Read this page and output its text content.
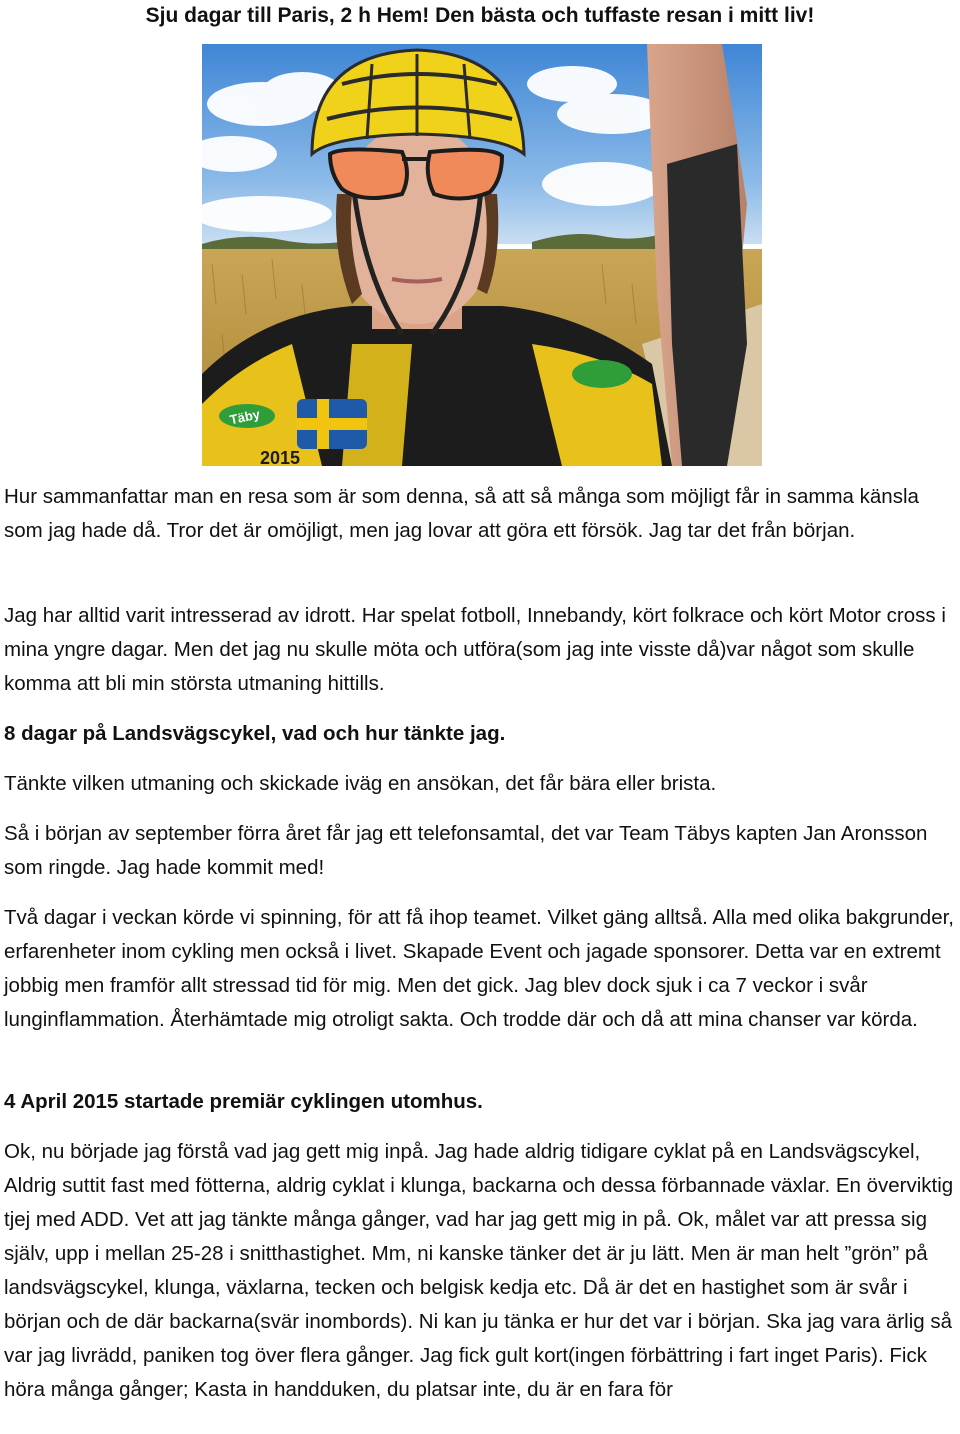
Sju dagar till Paris, 2 h Hem! Den bästa och tuffaste resan i mitt liv!
2015
Täby

Hur sammanfattar man en resa som är som denna, så att så många som möjligt får in samma känsla som jag hade då. Tror det är omöjligt, men jag lovar att göra ett försök. Jag tar det från början.

Jag har alltid varit intresserad av idrott. Har spelat fotboll, Innebandy, kört folkrace och kört Motor cross i mina yngre dagar. Men det jag nu skulle möta och utföra(som jag inte visste då)var något som skulle komma att bli min största utmaning hittills.

8 dagar på Landsvägscykel, vad och hur tänkte jag.

Tänkte vilken utmaning och skickade iväg en ansökan, det får bära eller brista.

Så i början av september förra året får jag ett telefonsamtal, det var Team Täbys kapten Jan Aronsson som ringde. Jag hade kommit med!

Två dagar i veckan körde vi spinning, för att få ihop teamet. Vilket gäng alltså. Alla med olika bakgrunder, erfarenheter inom cykling men också i livet. Skapade Event och jagade sponsorer. Detta var en extremt jobbig men framför allt stressad tid för mig. Men det gick. Jag blev dock sjuk i ca 7 veckor i svår lunginflammation. Återhämtade mig otroligt sakta. Och trodde där och då att mina chanser var körda.

4 April 2015 startade premiär cyklingen utomhus.

Ok, nu började jag förstå vad jag gett mig inpå. Jag hade aldrig tidigare cyklat på en Landsvägscykel, Aldrig suttit fast med fötterna, aldrig cyklat i klunga, backarna och dessa förbannade växlar. En överviktig tjej med ADD. Vet att jag tänkte många gånger, vad har jag gett mig in på. Ok, målet var att pressa sig själv, upp i mellan 25-28 i snitthastighet. Mm, ni kanske tänker det är ju lätt. Men är man helt ”grön” på landsvägscykel, klunga, växlarna, tecken och belgisk kedja etc. Då är det en hastighet som är svår i början och de där backarna(svär inombords). Ni kan ju tänka er hur det var i början. Ska jag vara ärlig så var jag livrädd, paniken tog över flera gånger. Jag fick gult kort(ingen förbättring i fart inget Paris). Fick höra många gånger; Kasta in handduken, du platsar inte, du är en fara för
